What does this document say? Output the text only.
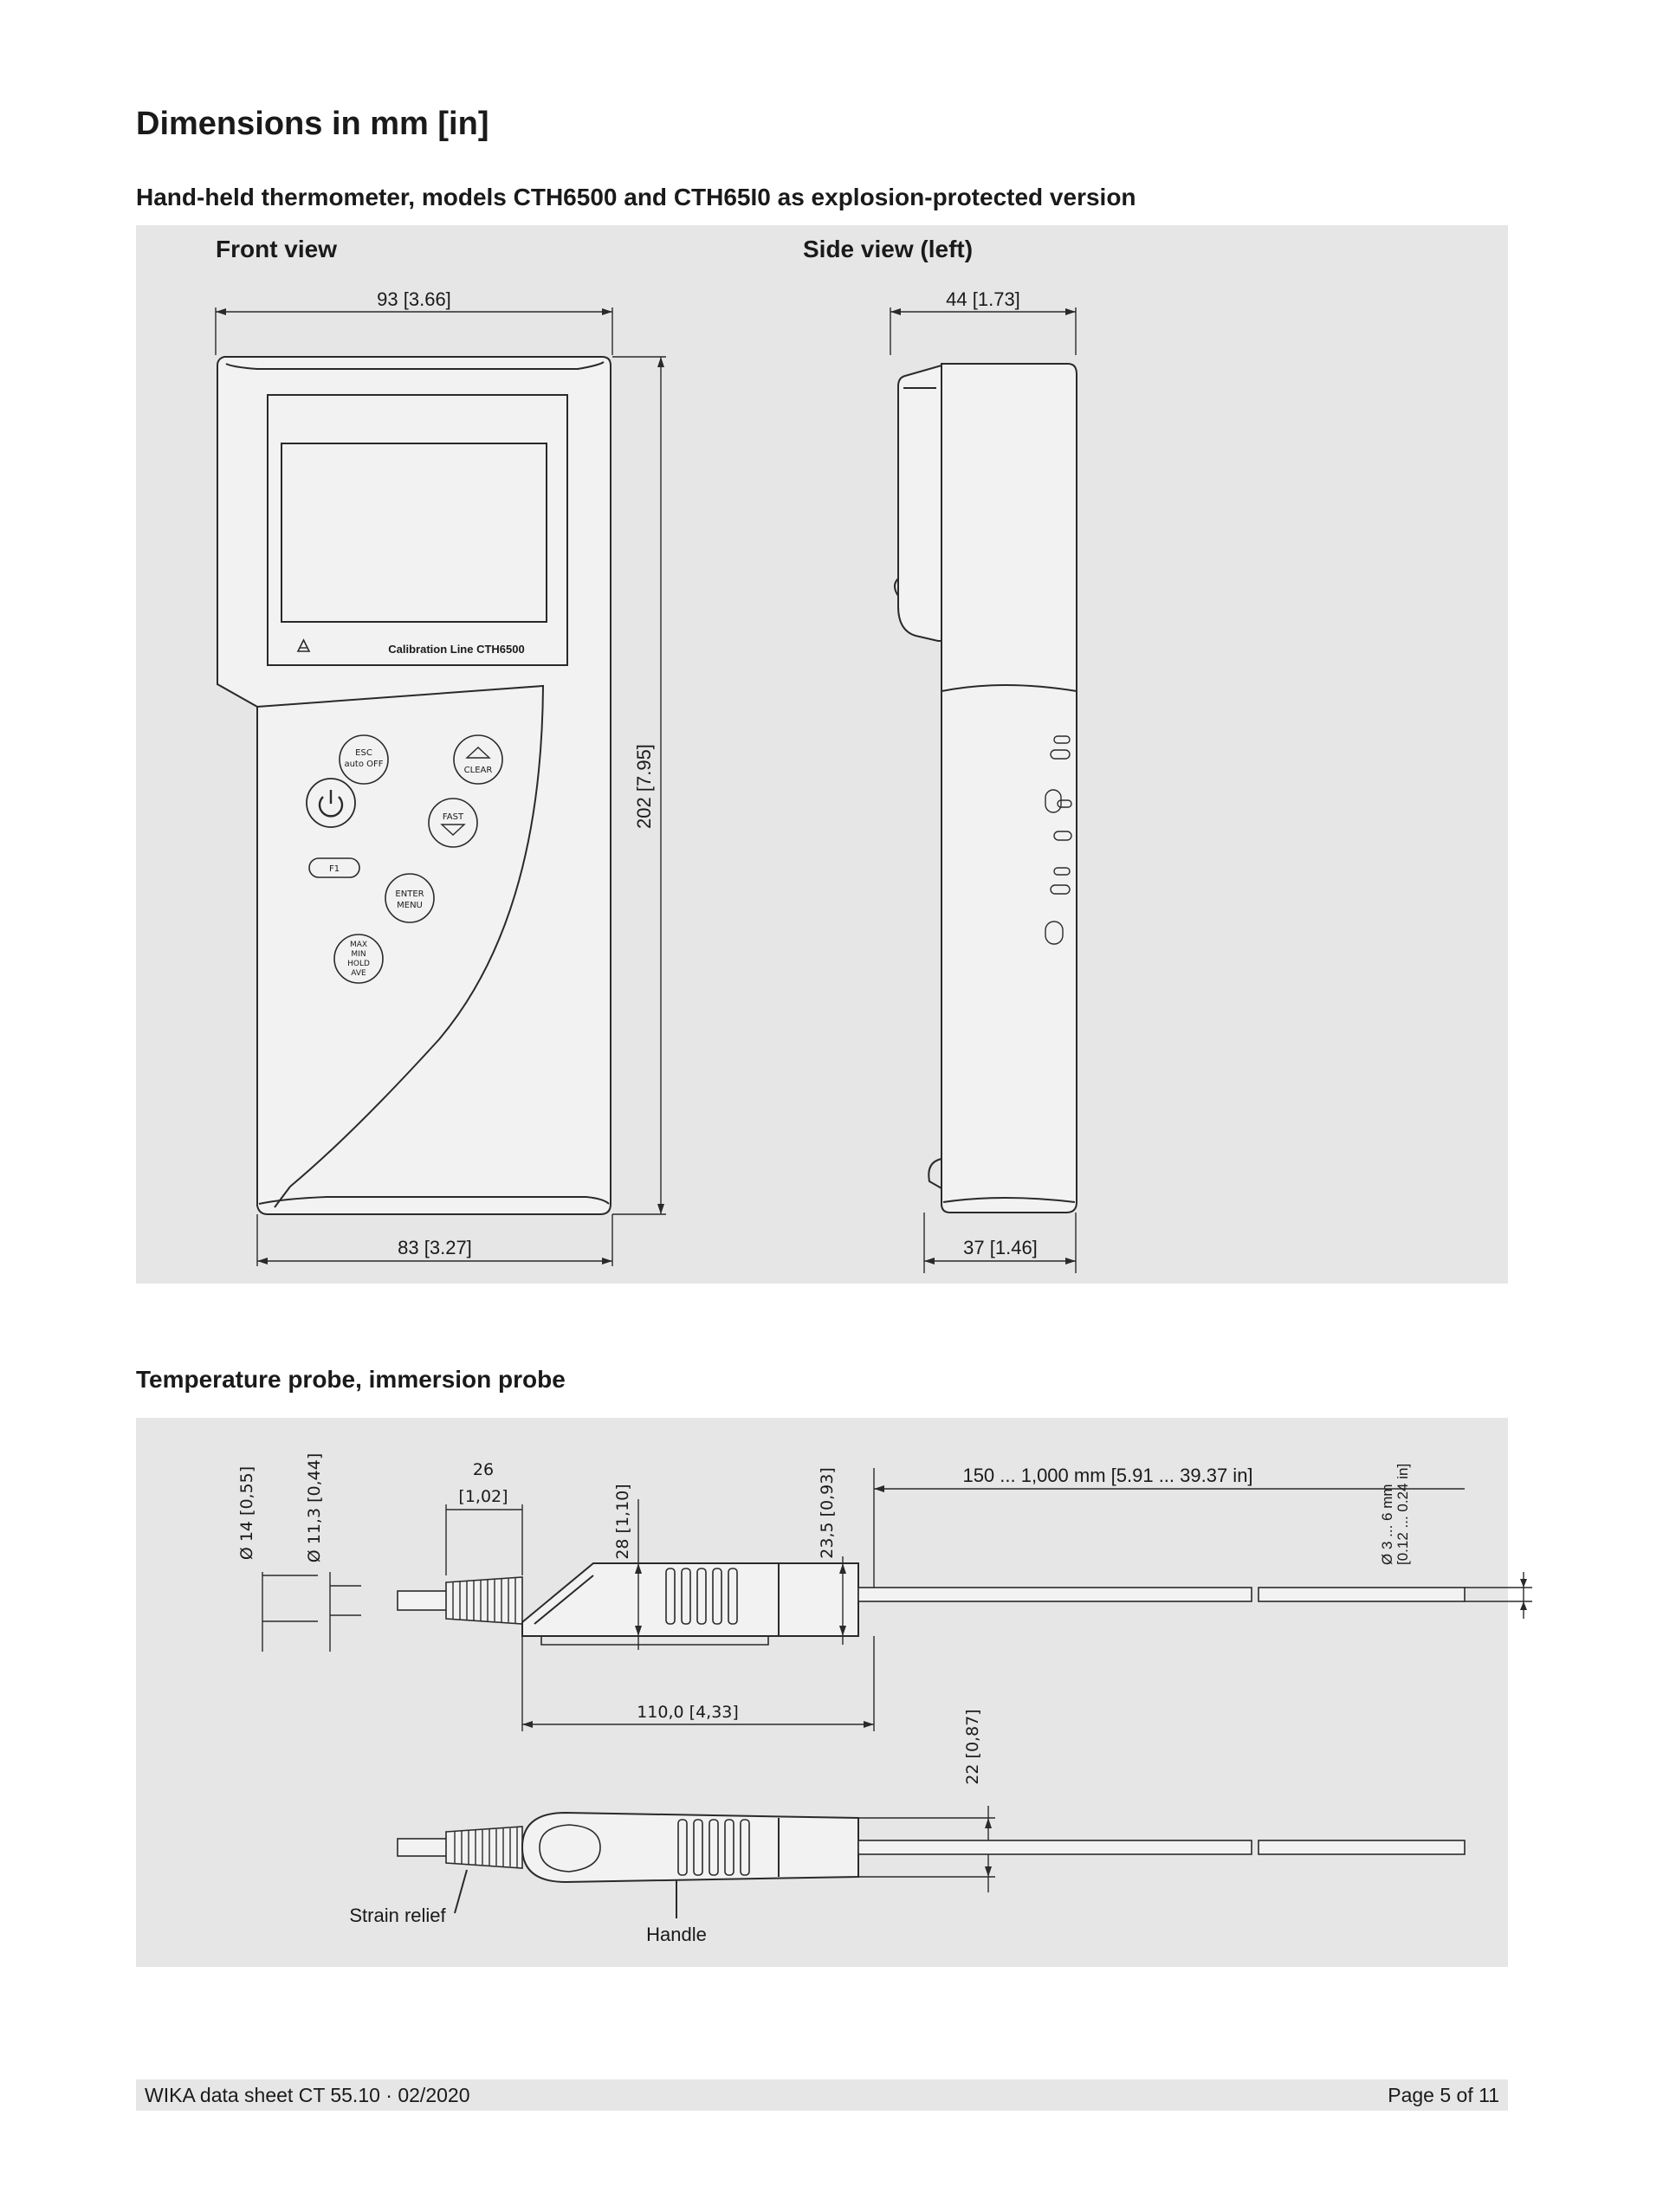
Dimensions in mm [in]
Hand-held thermometer, models CTH6500 and CTH65I0 as explosion-protected version
Front view	Side view (left)
93 [3.66]
Calibration Line CTH6500
ESC
auto OFF
CLEAR
FAST
F1
ENTER
MENU
MAX
MIN
HOLD
AVE
202 [7.95]
83 [3.27]
44 [1.73]
37 [1.46]
Temperature probe, immersion probe
Ø 14 [0,55]	Ø 11,3 [0,44]	26
[1,02]	28 [1,10]	23,5 [0,93]	150 ... 1,000 mm [5.91 ... 39.37 in]
Ø 3 ... 6 mm [0.12 ... 0.24 in]
110,0 [4,33]	22 [0,87]
Strain relief
Handle
WIKA data sheet CT 55.10 · 02/2020	Page 5 of 11
